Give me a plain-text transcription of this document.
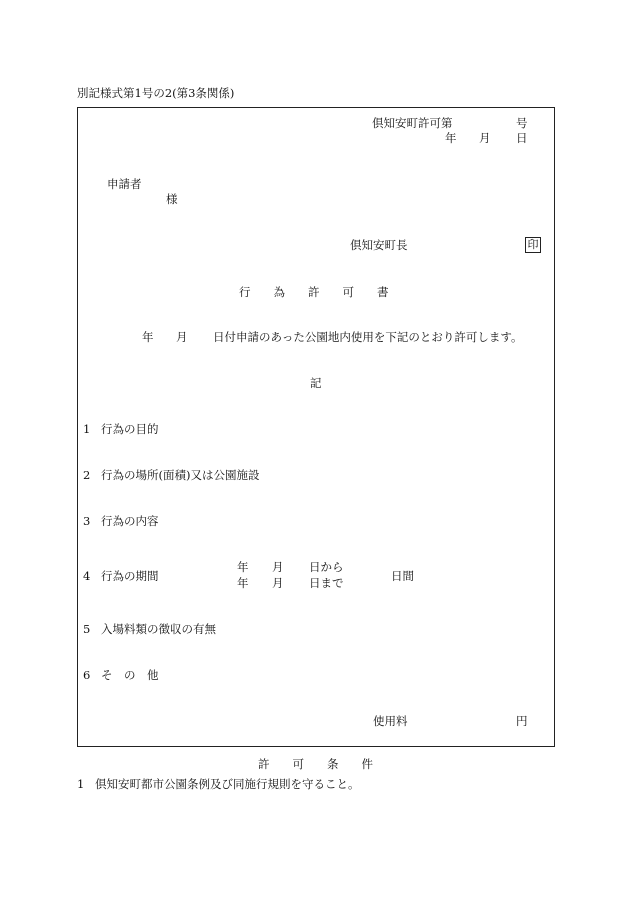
別記様式第1号の2(第3条関係)
倶知安町許可第	号
年 月 日
申請者
様
倶知安町長	印
行　　為　　許　　可　　書
年 月 日付申請のあった公園地内使用を下記のとおり許可します。
記
1 行為の目的
2 行為の場所(面積)又は公園施設
3 行為の内容
4 行為の期間
年 月 日から
年 月 日まで	日間
5 入場料類の徴収の有無
6 そ　の　他
使用料	円
許　　可　　条　　件
1 倶知安町都市公園条例及び同施行規則を守ること。
